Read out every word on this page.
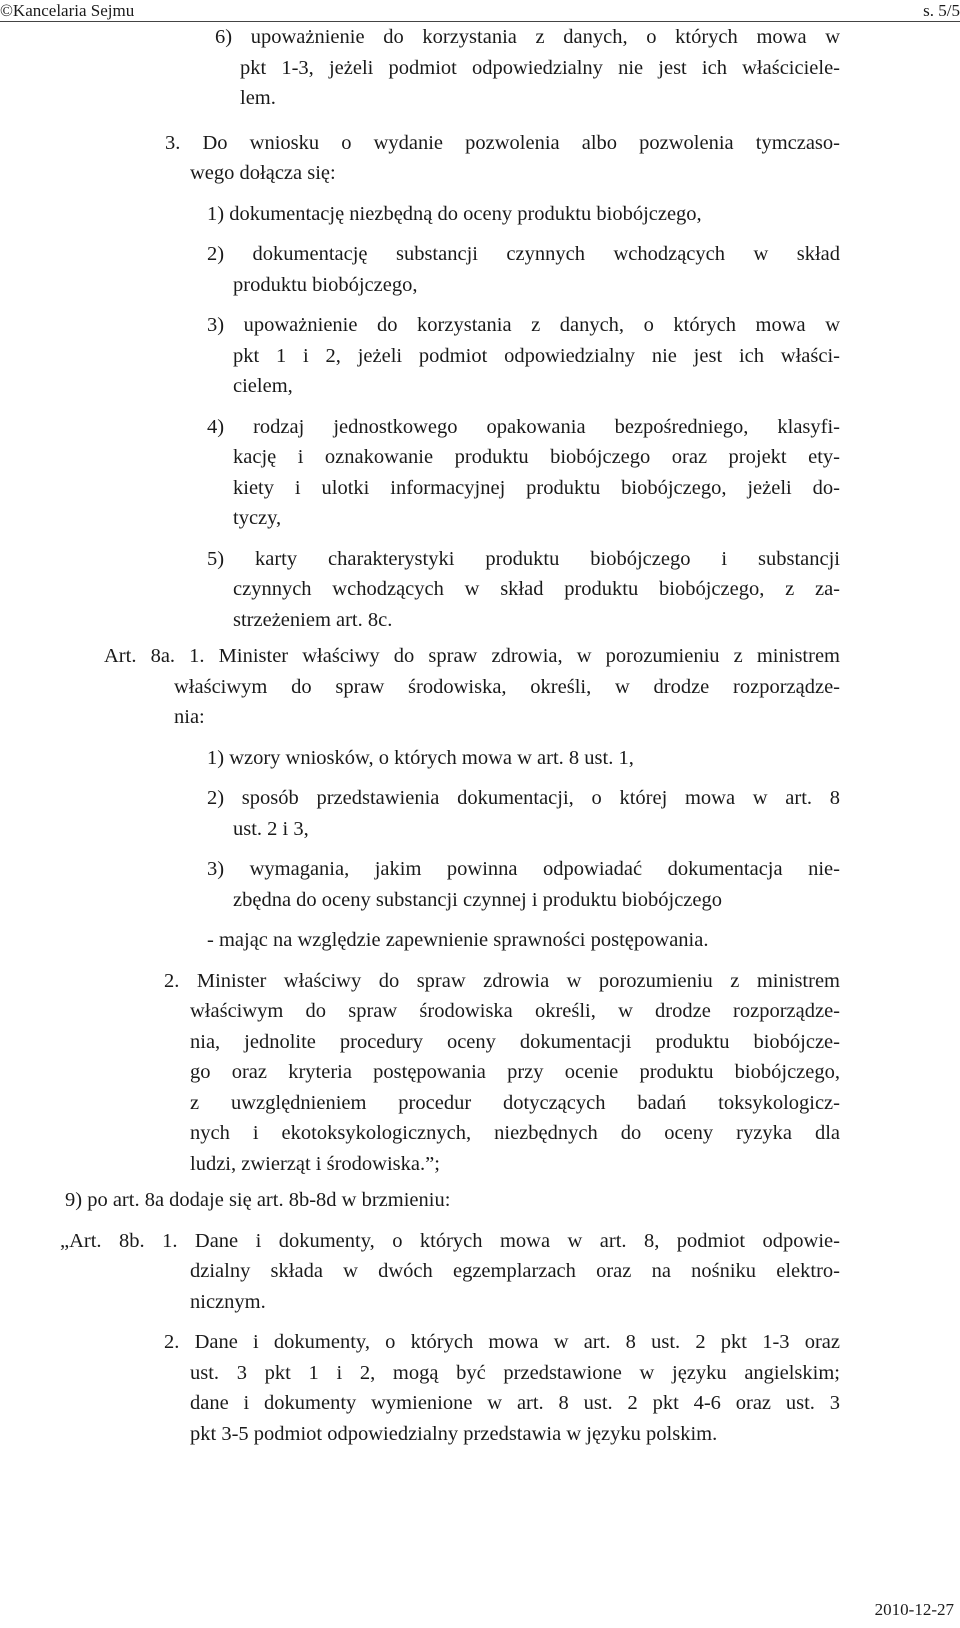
©Kancelaria Sejmu	s. 5/5
6) upoważnienie do korzystania z danych, o których mowa w
pkt 1-3, jeżeli podmiot odpowiedzialny nie jest ich właściciele-
lem.
3. Do wniosku o wydanie pozwolenia albo pozwolenia tymczaso-
wego dołącza się:
1) dokumentację niezbędną do oceny produktu biobójczego,
2) dokumentację substancji czynnych wchodzących w skład
produktu biobójczego,
3) upoważnienie do korzystania z danych, o których mowa w
pkt 1 i 2, jeżeli podmiot odpowiedzialny nie jest ich właści-
cielem,
4) rodzaj jednostkowego opakowania bezpośredniego, klasyfi-
kację i oznakowanie produktu biobójczego oraz projekt ety-
kiety i ulotki informacyjnej produktu biobójczego, jeżeli do-
tyczy,
5) karty charakterystyki produktu biobójczego i substancji
czynnych wchodzących w skład produktu biobójczego, z za-
strzeżeniem art. 8c.
Art. 8a. 1. Minister właściwy do spraw zdrowia, w porozumieniu z ministrem
właściwym do spraw środowiska, określi, w drodze rozporządze-
nia:
1) wzory wniosków, o których mowa w art. 8 ust. 1,
2) sposób przedstawienia dokumentacji, o której mowa w art. 8
ust. 2 i 3,
3) wymagania, jakim powinna odpowiadać dokumentacja nie-
zbędna do oceny substancji czynnej i produktu biobójczego
- mając na względzie zapewnienie sprawności postępowania.
2. Minister właściwy do spraw zdrowia w porozumieniu z ministrem
właściwym do spraw środowiska określi, w drodze rozporządze-
nia, jednolite procedury oceny dokumentacji produktu biobójcze-
go oraz kryteria postępowania przy ocenie produktu biobójczego,
z uwzględnieniem procedur dotyczących badań toksykologicz-
nych i ekotoksykologicznych, niezbędnych do oceny ryzyka dla
ludzi, zwierząt i środowiska.”;
9) po art. 8a dodaje się art. 8b-8d w brzmieniu:
„Art. 8b. 1. Dane i dokumenty, o których mowa w art. 8, podmiot odpowie-
dzialny składa w dwóch egzemplarzach oraz na nośniku elektro-
nicznym.
2. Dane i dokumenty, o których mowa w art. 8 ust. 2 pkt 1-3 oraz
ust. 3 pkt 1 i 2, mogą być przedstawione w języku angielskim;
dane i dokumenty wymienione w art. 8 ust. 2 pkt 4-6 oraz ust. 3
pkt 3-5 podmiot odpowiedzialny przedstawia w języku polskim.
2010-12-27
